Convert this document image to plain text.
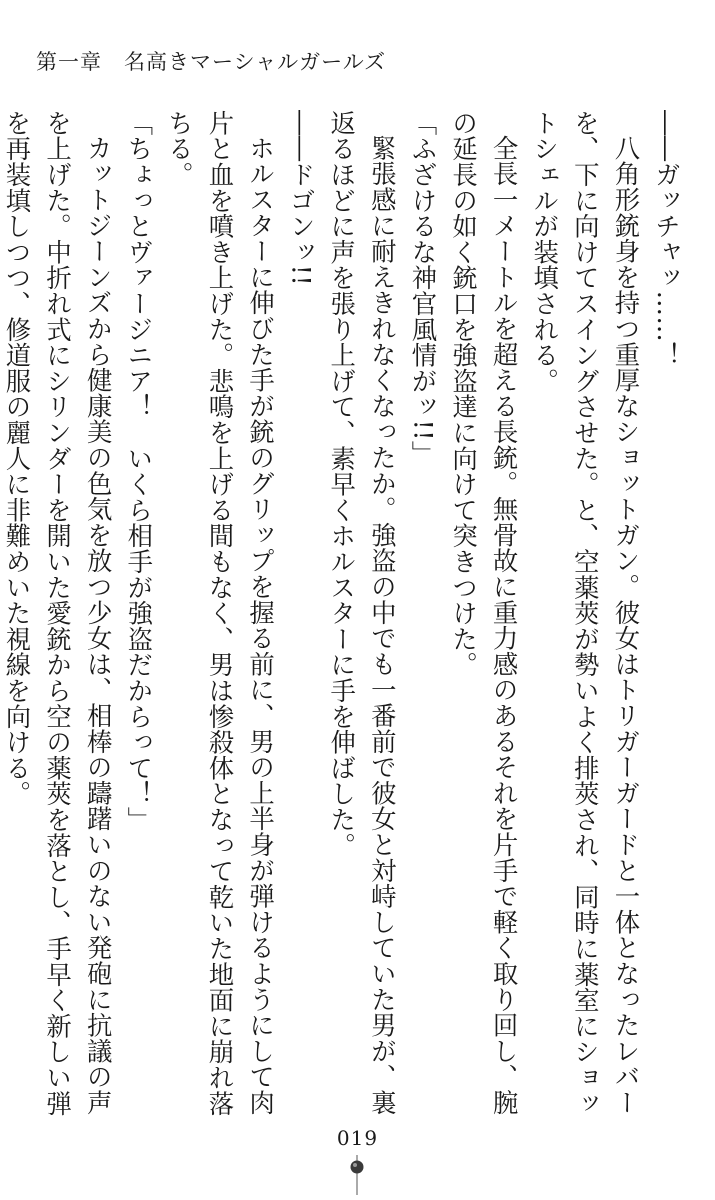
第一章 名高きマーシャルガールズ

――ガッチャッ……！

八角形銃身を持つ重厚なショットガン。彼女はトリガーガードと一体となったレバーを、下に向けてスイングさせた。と、空薬莢が勢いよく排莢され、同時に薬室にショットシェルが装填される。

全長一メートルを超える長銃。無骨故に重力感のあるそれを片手で軽く取り回し、腕の延長の如く銃口を強盗達に向けて突きつけた。

「ふざけるな神官風情がッ!!」

緊張感に耐えきれなくなったか。強盗の中でも一番前で彼女と対峙していた男が、裏返るほどに声を張り上げて、素早くホルスターに手を伸ばした。

――ドゴンッ!!

ホルスターに伸びた手が銃のグリップを握る前に、男の上半身が弾けるようにして肉片と血を噴き上げた。悲鳴を上げる間もなく、男は惨殺体となって乾いた地面に崩れ落ちる。

「ちょっとヴァージニア！　いくら相手が強盗だからって！」

カットジーンズから健康美の色気を放つ少女は、相棒の躊躇いのない発砲に抗議の声を上げた。中折れ式にシリンダーを開いた愛銃から空の薬莢を落とし、手早く新しい弾を再装填しつつ、修道服の麗人に非難めいた視線を向ける。

019
